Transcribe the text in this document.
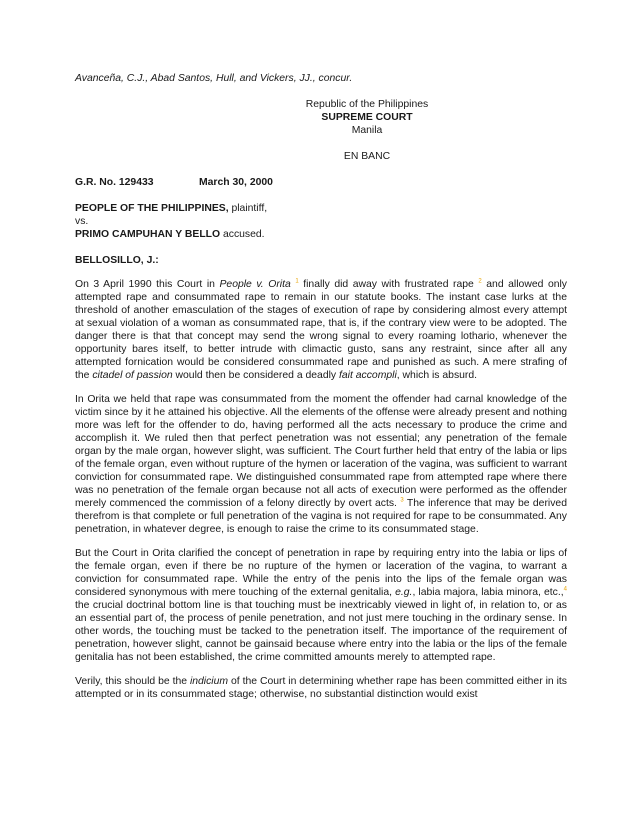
Avanceña, C.J., Abad Santos, Hull, and Vickers, JJ., concur.

Republic of the Philippines
SUPREME COURT
Manila
EN BANC
G.R. No. 129433	March 30, 2000
PEOPLE OF THE PHILIPPINES, plaintiff,
vs.
PRIMO CAMPUHAN Y BELLO accused.
BELLOSILLO, J.:

On 3 April 1990 this Court in People v. Orita $^1$ finally did away with frustrated rape $^2$ and allowed only attempted rape and consummated rape to remain in our statute books. The instant case lurks at the threshold of another emasculation of the stages of execution of rape by considering almost every attempt at sexual violation of a woman as consummated rape, that is, if the contrary view were to be adopted. The danger there is that that concept may send the wrong signal to every roaming lothario, whenever the opportunity bares itself, to better intrude with climactic gusto, sans any restraint, since after all any attempted fornication would be considered consummated rape and punished as such. A mere strafing of the citadel of passion would then be considered a deadly fait accompli, which is absurd.

In Orita we held that rape was consummated from the moment the offender had carnal knowledge of the victim since by it he attained his objective. All the elements of the offense were already present and nothing more was left for the offender to do, having performed all the acts necessary to produce the crime and accomplish it. We ruled then that perfect penetration was not essential; any penetration of the female organ by the male organ, however slight, was sufficient. The Court further held that entry of the labia or lips of the female organ, even without rupture of the hymen or laceration of the vagina, was sufficient to warrant conviction for consummated rape. We distinguished consummated rape from attempted rape where there was no penetration of the female organ because not all acts of execution were performed as the offender merely commenced the commission of a felony directly by overt acts. $^3$ The inference that may be derived therefrom is that complete or full penetration of the vagina is not required for rape to be consummated. Any penetration, in whatever degree, is enough to raise the crime to its consummated stage.

But the Court in Orita clarified the concept of penetration in rape by requiring entry into the labia or lips of the female organ, even if there be no rupture of the hymen or laceration of the vagina, to warrant a conviction for consummated rape. While the entry of the penis into the lips of the female organ was considered synonymous with mere touching of the external genitalia, e.g., labia majora, labia minora, etc.,$^4$ the crucial doctrinal bottom line is that touching must be inextricably viewed in light of, in relation to, or as an essential part of, the process of penile penetration, and not just mere touching in the ordinary sense. In other words, the touching must be tacked to the penetration itself. The importance of the requirement of penetration, however slight, cannot be gainsaid because where entry into the labia or the lips of the female genitalia has not been established, the crime committed amounts merely to attempted rape.

Verily, this should be the indicium of the Court in determining whether rape has been committed either in its attempted or in its consummated stage; otherwise, no substantial distinction would exist
